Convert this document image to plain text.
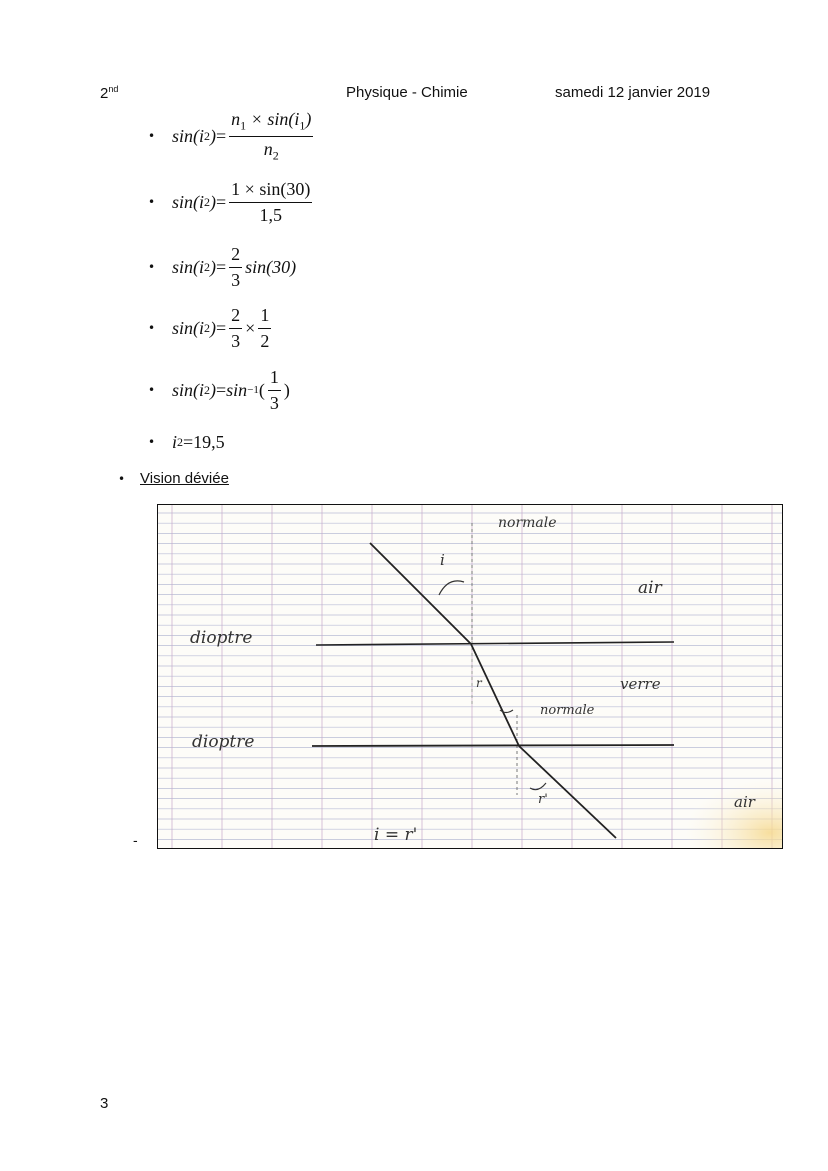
2nd	Physique - Chimie	samedi 12 janvier 2019
• sin(i 2 ) = $\frac{n_1 \times \sin(i_1)}{n_2}$
• sin(i 2 ) = $\frac{1 \times \sin(30)}{1,5}$
• sin(i 2 ) = $\frac{2}{3} \sin(30)$
• sin(i 2 ) = $\frac{2}{3} \times \frac{1}{2}$
• sin(i 2 ) = sin −1 ( $\frac{1}{3}$ )
• i 2 = 19,5
• Vision déviée
-
normale
i
air
dioptre
r	verre
normale
dioptre
r'	air
i = r'
3
